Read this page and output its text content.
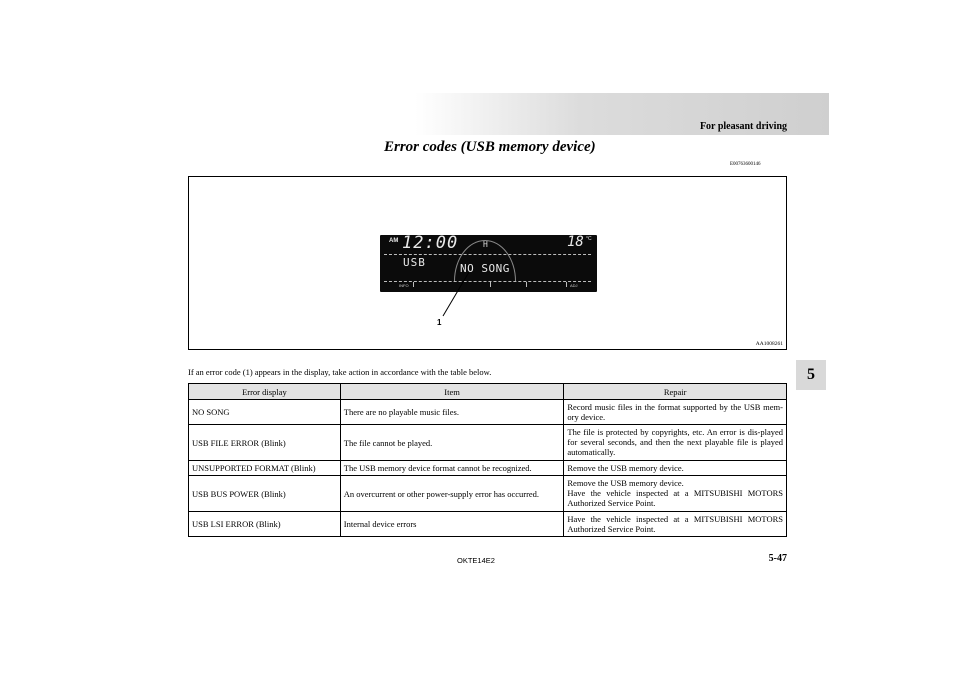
For pleasant driving
Error codes (USB memory device)
E00763600146
H
AM 12:00	18 °C
USB	NO SONG
INFO	ADJ
1
AA1008261
If an error code (1) appears in the display, take action in accordance with the table below.
Error display	Item	Repair
NO SONG	There are no playable music files.	Record music files in the format supported by the USB mem-ory device.
USB FILE ERROR (Blink)	The file cannot be played.	The file is protected by copyrights, etc. An error is dis-played for several seconds, and then the next playable file is played automatically.
UNSUPPORTED FORMAT (Blink)	The USB memory device format cannot be recognized.	Remove the USB memory device.
USB BUS POWER (Blink)	An overcurrent or other power-supply error has occurred.	Remove the USB memory device.
Have the vehicle inspected at a MITSUBISHI MOTORS Authorized Service Point.
USB LSI ERROR (Blink)	Internal device errors	Have the vehicle inspected at a MITSUBISHI MOTORS Authorized Service Point.
5
OKTE14E2	5-47
